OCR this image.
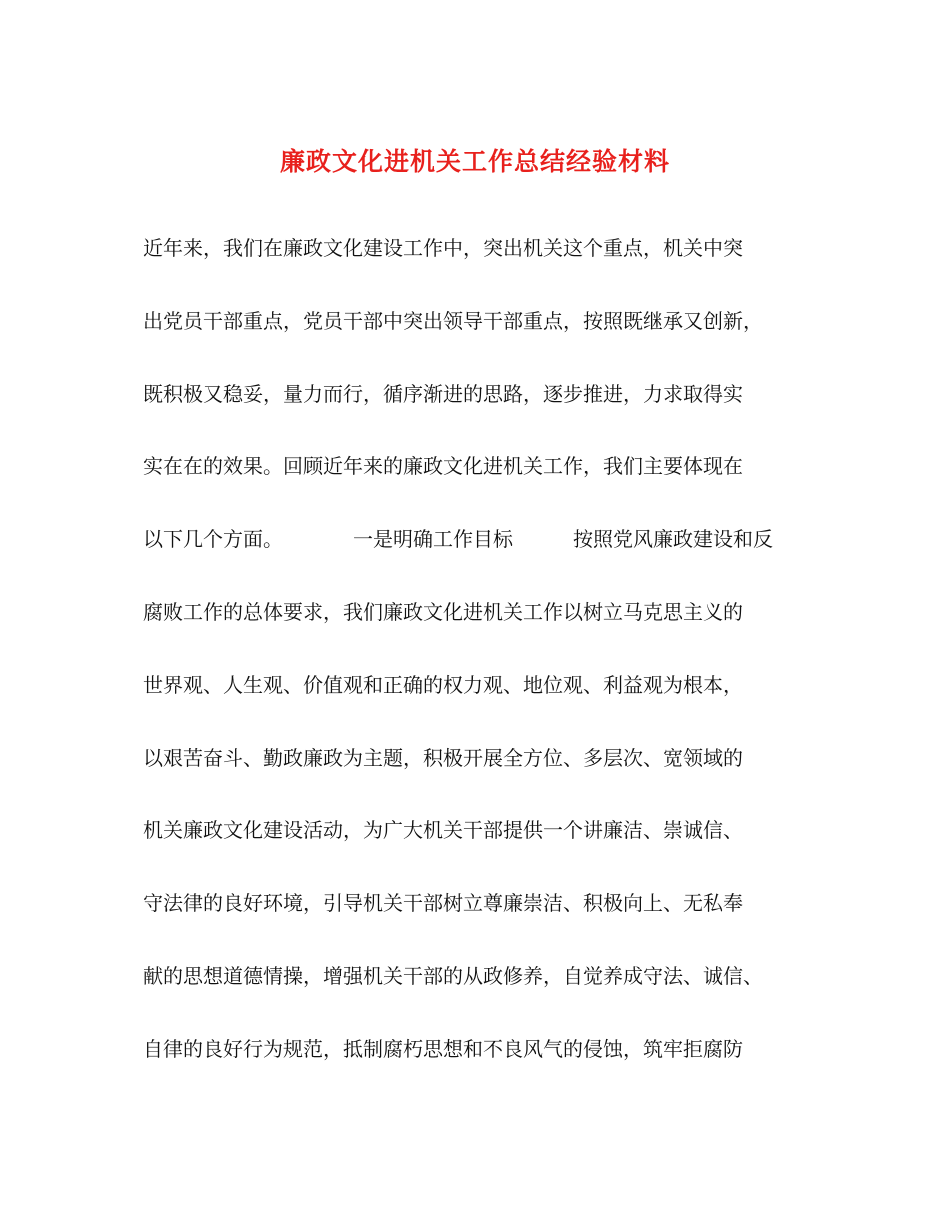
廉政文化进机关工作总结经验材料
近年来，我们在廉政文化建设工作中，突出机关这个重点，机关中突
出党员干部重点，党员干部中突出领导干部重点，按照既继承又创新，
既积极又稳妥，量力而行，循序渐进的思路，逐步推进，力求取得实
实在在的效果。回顾近年来的廉政文化进机关工作，我们主要体现在
以下几个方面。	一是明确工作目标	按照党风廉政建设和反
腐败工作的总体要求，我们廉政文化进机关工作以树立马克思主义的
世界观、人生观、价值观和正确的权力观、地位观、利益观为根本，
以艰苦奋斗、勤政廉政为主题，积极开展全方位、多层次、宽领域的
机关廉政文化建设活动，为广大机关干部提供一个讲廉洁、崇诚信、
守法律的良好环境，引导机关干部树立尊廉崇洁、积极向上、无私奉
献的思想道德情操，增强机关干部的从政修养，自觉养成守法、诚信、
自律的良好行为规范，抵制腐朽思想和不良风气的侵蚀，筑牢拒腐防
